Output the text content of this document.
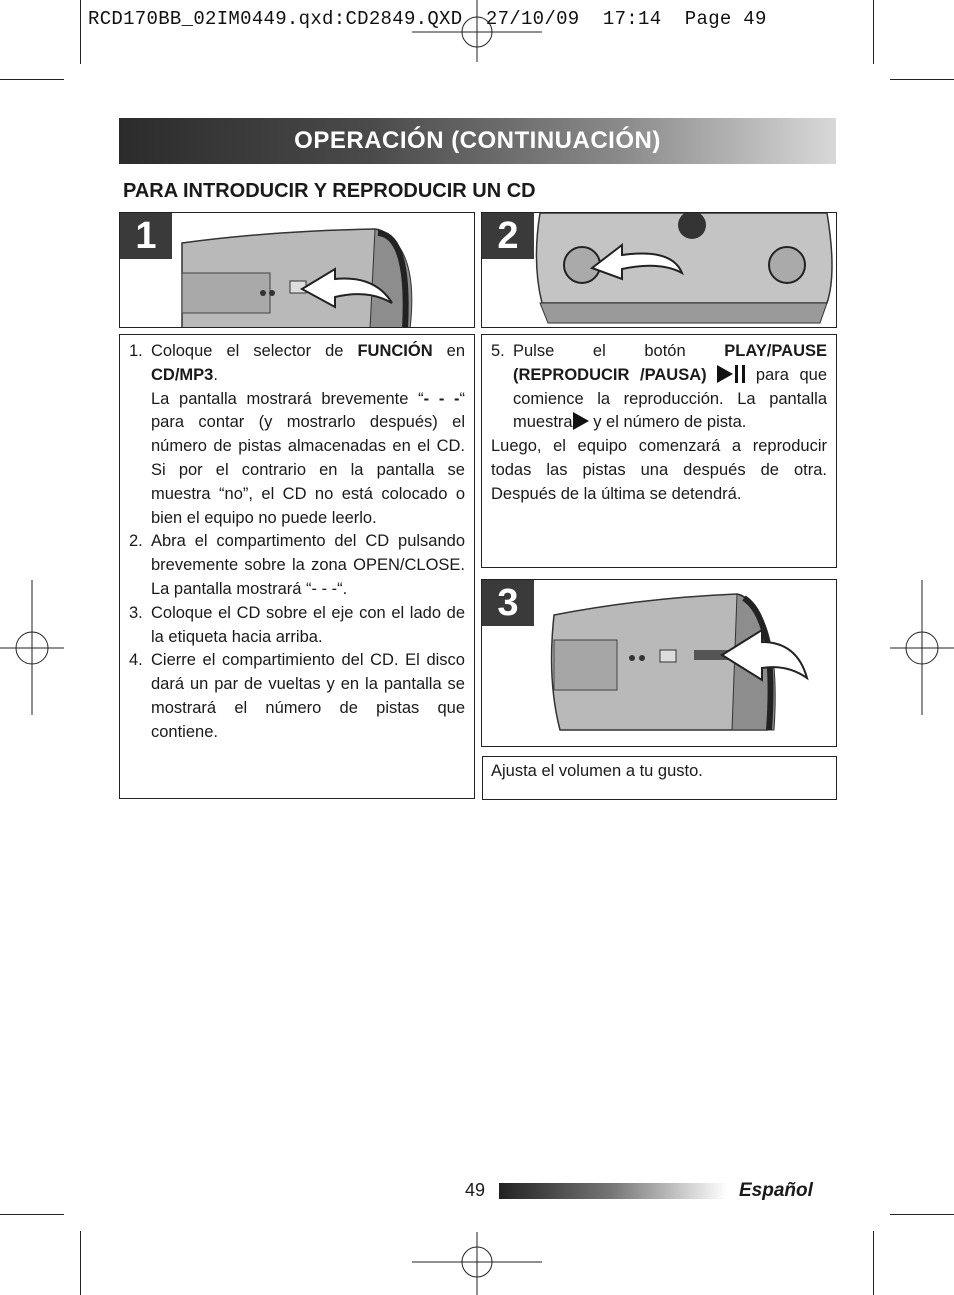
RCD170BB_02IM0449.qxd:CD2849.QXD  27/10/09  17:14  Page 49
OPERACIÓN (CONTINUACIÓN)
PARA INTRODUCIR Y REPRODUCIR UN CD
1	2
1. Coloque el selector de FUNCIÓN en CD/MP3.
La pantalla mostrará brevemente “- - -“ para contar (y mostrarlo después) el número de pistas almacenadas en el CD. Si por el contrario en la pantalla se muestra “no”, el CD no está colocado o bien el equipo no puede leerlo.
2. Abra el compartimento del CD pulsando brevemente sobre la zona OPEN/CLOSE. La pantalla mostrará “- - -“.
3. Coloque el CD sobre el eje con el lado de la etiqueta hacia arriba.
4. Cierre el compartimiento del CD. El disco dará un par de vueltas y en la pantalla se mostrará el número de pistas que contiene.
5. Pulse el botón PLAY/PAUSE (REPRODUCIR /PAUSA)  para que comience la reproducción. La pantalla muestra y el número de pista.
Luego, el equipo comenzará a reproducir todas las pistas una después de otra. Después de la última se detendrá.
3
Ajusta el volumen a tu gusto.
49	Español
